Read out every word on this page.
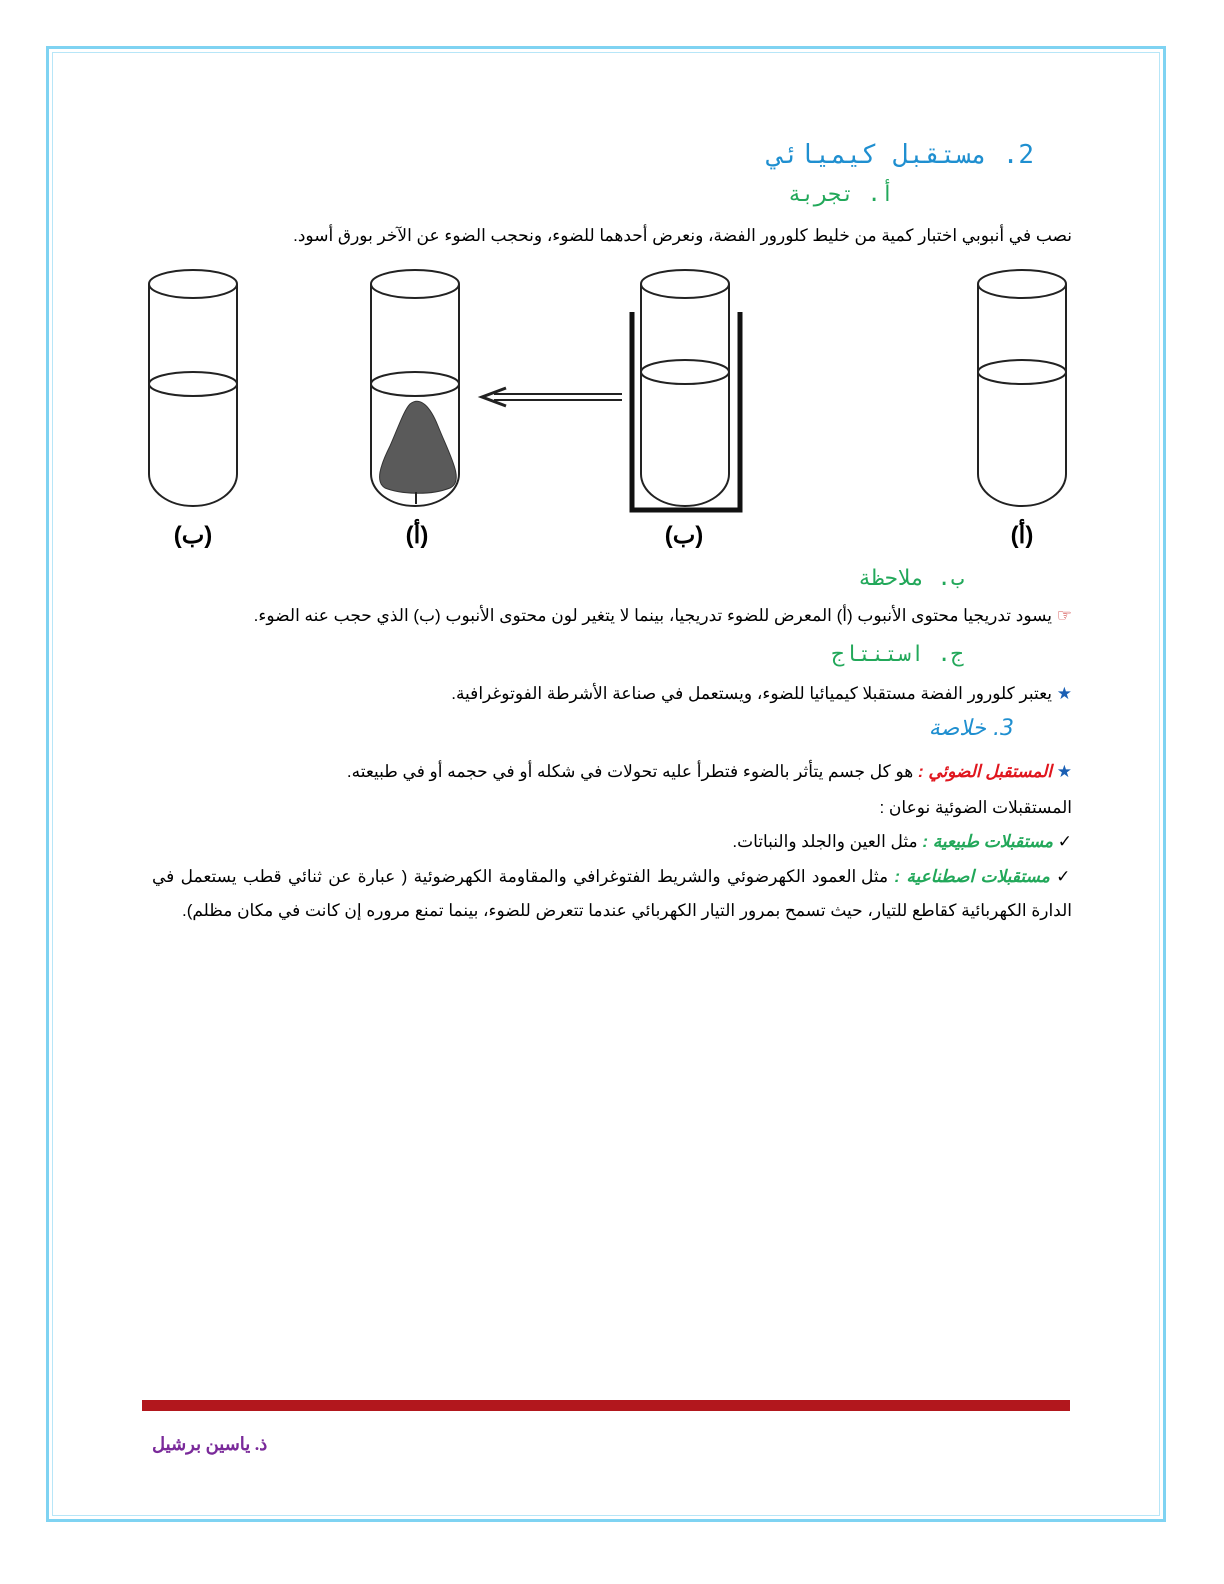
2. مستقبل كيميائي
أ. تجربة
نصب في أنبوبي اختبار كمية من خليط كلورور الفضة، ونعرض أحدهما للضوء، ونحجب الضوء عن الآخر بورق أسود.
(ب)	(أ)	(ب)	(أ)
ب. ملاحظة
☞ يسود تدريجيا محتوى الأنبوب (أ) المعرض للضوء تدريجيا، بينما لا يتغير لون محتوى الأنبوب (ب) الذي حجب عنه الضوء.
ج. استنتاج
★ يعتبر كلورور الفضة مستقبلا كيميائيا للضوء، ويستعمل في صناعة الأشرطة الفوتوغرافية.
3. خلاصة
★ المستقبل الضوئي : هو كل جسم يتأثر بالضوء فتطرأ عليه تحولات في شكله أو في حجمه أو في طبيعته.
المستقبلات الضوئية نوعان :
✓ مستقبلات طبيعية : مثل العين والجلد والنباتات.
✓ مستقبلات اصطناعية : مثل العمود الكهرضوئي والشريط الفتوغرافي والمقاومة الكهرضوئية ( عبارة عن ثنائي قطب يستعمل في الدارة الكهربائية كقاطع للتيار، حيث تسمح بمرور التيار الكهربائي عندما تتعرض للضوء، بينما تمنع مروره إن كانت في مكان مظلم).
ذ. ياسين برشيل
